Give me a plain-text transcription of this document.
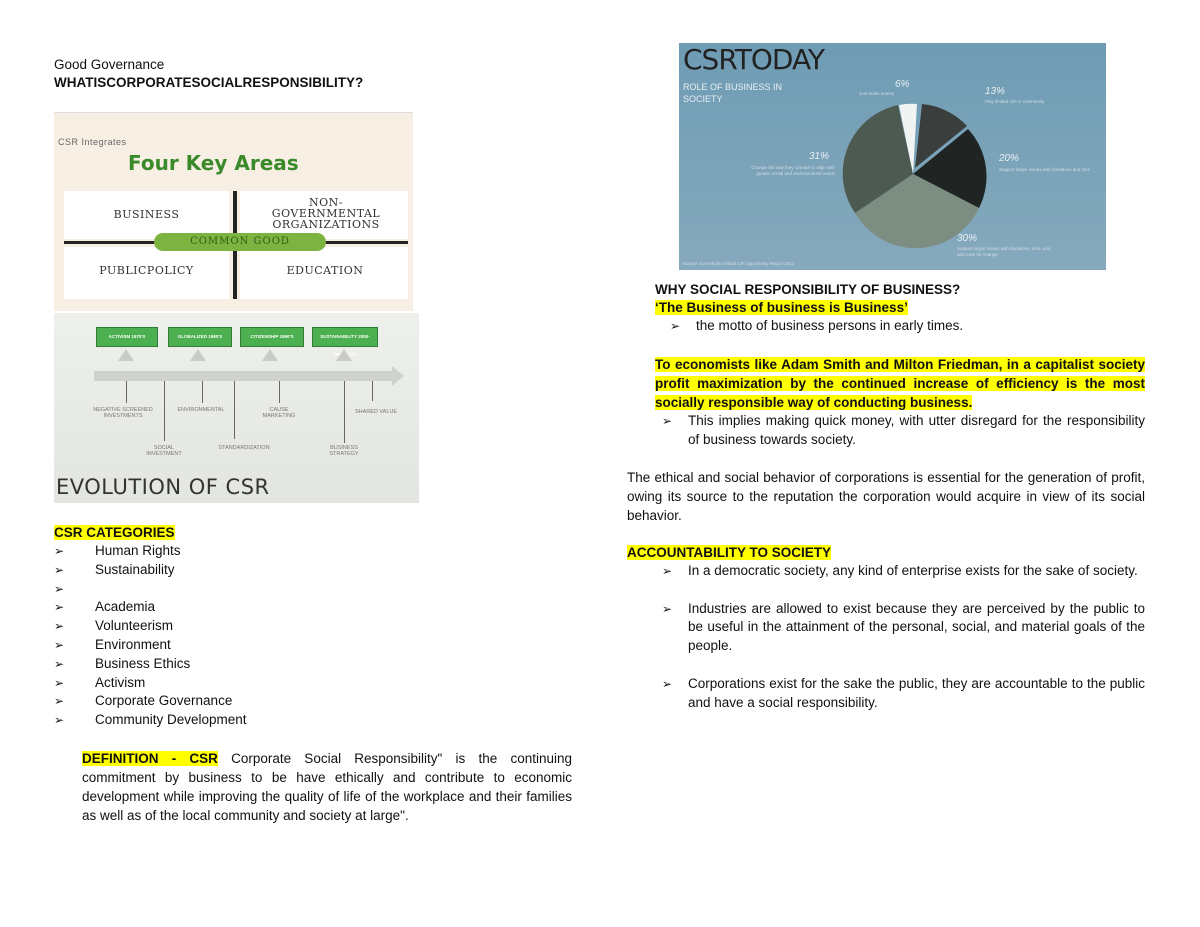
Good Governance
WHATISCORPORATESOCIALRESPONSIBILITY?
CSR Integrates
Four Key Areas
BUSINESS
NON-
GOVERNMENTAL
ORGANIZATIONS
PUBLICPOLICY	EDUCATION
COMMON GOOD
ACTIVISM 1970'S	GLOBALIZED 1980'S	CITIZENSHIP 1990'S	SUSTAINABILITY 2000-PRESENT
NEGATIVE SCREENED INVESTMENTS
ENVIRONMENTAL	CAUSE MARKETING
SHARED VALUE
SOCIAL INVESTMENT
STANDARDIZATION	BUSINESS STRATEGY
EVOLUTION OF CSR
CSR CATEGORIES
➢ Human Rights
➢ Sustainability
➢
➢ Academia
➢ Volunteerism
➢ Environment
➢ Business Ethics
➢ Activism
➢ Corporate Governance
➢ Community Development
DEFINITION - CSR Corporate Social Responsibility" is the continuing commitment by business to be have ethically and contribute to economic development while improving the quality of life of the workplace and their families as well as of the local community and society at large".
CSRTODAY
ROLE OF BUSINESS IN SOCIETY
6%
Just make money	13%
Play limited role in community
20%
Support larger issues with donations and time
31%
Change the way they operate to align with greater social and environmental needs
30%
Support larger issues with donations, time, and advocate for change
Source: Cone/Echo Global CR Opportunity Report 2011
WHY SOCIAL RESPONSIBILITY OF BUSINESS?
‘The Business of business is Business’
➢ the motto of business persons in early times.
To economists like Adam Smith and Milton Friedman, in a capitalist society profit maximization by the continued increase of efficiency is the most socially responsible way of conducting business.
➢ This implies making quick money, with utter disregard for the responsibility of business towards society.
The ethical and social behavior of corporations is essential for the generation of profit, owing its source to the reputation the corporation would acquire in view of its social behavior.
ACCOUNTABILITY TO SOCIETY
➢ In a democratic society, any kind of enterprise exists for the sake of society.
➢ Industries are allowed to exist because they are perceived by the public to be useful in the attainment of the personal, social, and material goals of the people.
➢ Corporations exist for the sake the public, they are accountable to the public and have a social responsibility.
